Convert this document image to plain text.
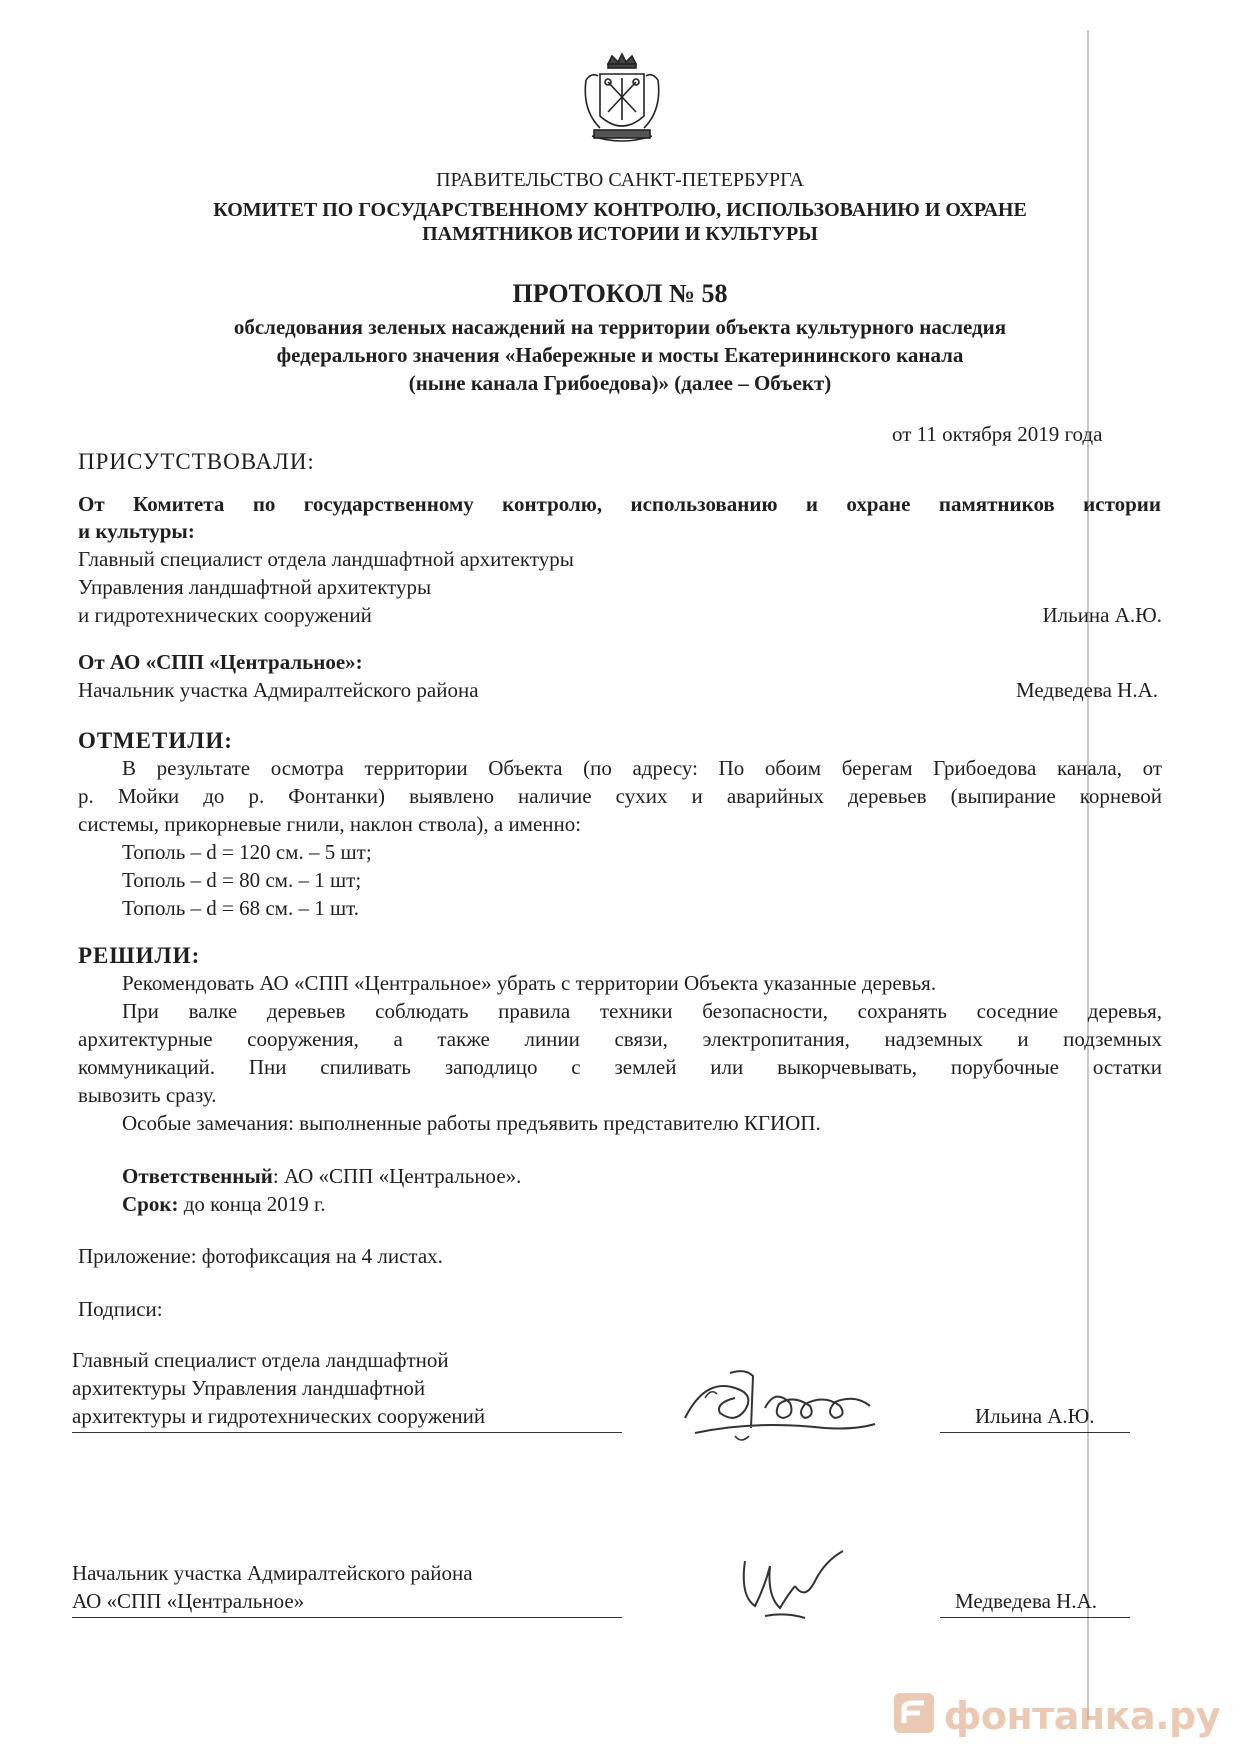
ПРАВИТЕЛЬСТВО САНКТ-ПЕТЕРБУРГА
КОМИТЕТ ПО ГОСУДАРСТВЕННОМУ КОНТРОЛЮ, ИСПОЛЬЗОВАНИЮ И ОХРАНЕ
ПАМЯТНИКОВ ИСТОРИИ И КУЛЬТУРЫ
ПРОТОКОЛ № 58
обследования зеленых насаждений на территории объекта культурного наследия
федерального значения «Набережные и мосты Екатерининского канала
(ныне канала Грибоедова)» (далее – Объект)
от 11 октября 2019 года
ПРИСУТСТВОВАЛИ:
От Комитета по государственному контролю, использованию и охране памятников истории
и культуры:
Главный специалист отдела ландшафтной архитектуры
Управления ландшафтной архитектуры
и гидротехнических сооружений	Ильина А.Ю.
От АО «СПП «Центральное»:
Начальник участка Адмиралтейского района	Медведева Н.А.
ОТМЕТИЛИ:
В результате осмотра территории Объекта (по адресу: По обоим берегам Грибоедова канала, от
р. Мойки до р. Фонтанки) выявлено наличие сухих и аварийных деревьев (выпирание корневой
системы, прикорневые гнили, наклон ствола), а именно:
Тополь – d = 120 см. – 5 шт;
Тополь – d = 80 см. – 1 шт;
Тополь – d = 68 см. – 1 шт.
РЕШИЛИ:
Рекомендовать АО «СПП «Центральное» убрать с территории Объекта указанные деревья.
При валке деревьев соблюдать правила техники безопасности, сохранять соседние деревья,
архитектурные сооружения, а также линии связи, электропитания, надземных и подземных
коммуникаций. Пни спиливать заподлицо с землей или выкорчевывать, порубочные остатки
вывозить сразу.
Особые замечания: выполненные работы предъявить представителю КГИОП.
Ответственный: АО «СПП «Центральное».
Срок: до конца 2019 г.
Приложение: фотофиксация на 4 листах.
Подписи:
Главный специалист отдела ландшафтной
архитектуры Управления ландшафтной
архитектуры и гидротехнических сооружений	Ильина А.Ю.
Начальник участка Адмиралтейского района
АО «СПП «Центральное»	Медведева Н.А.
фонтанка.ру
